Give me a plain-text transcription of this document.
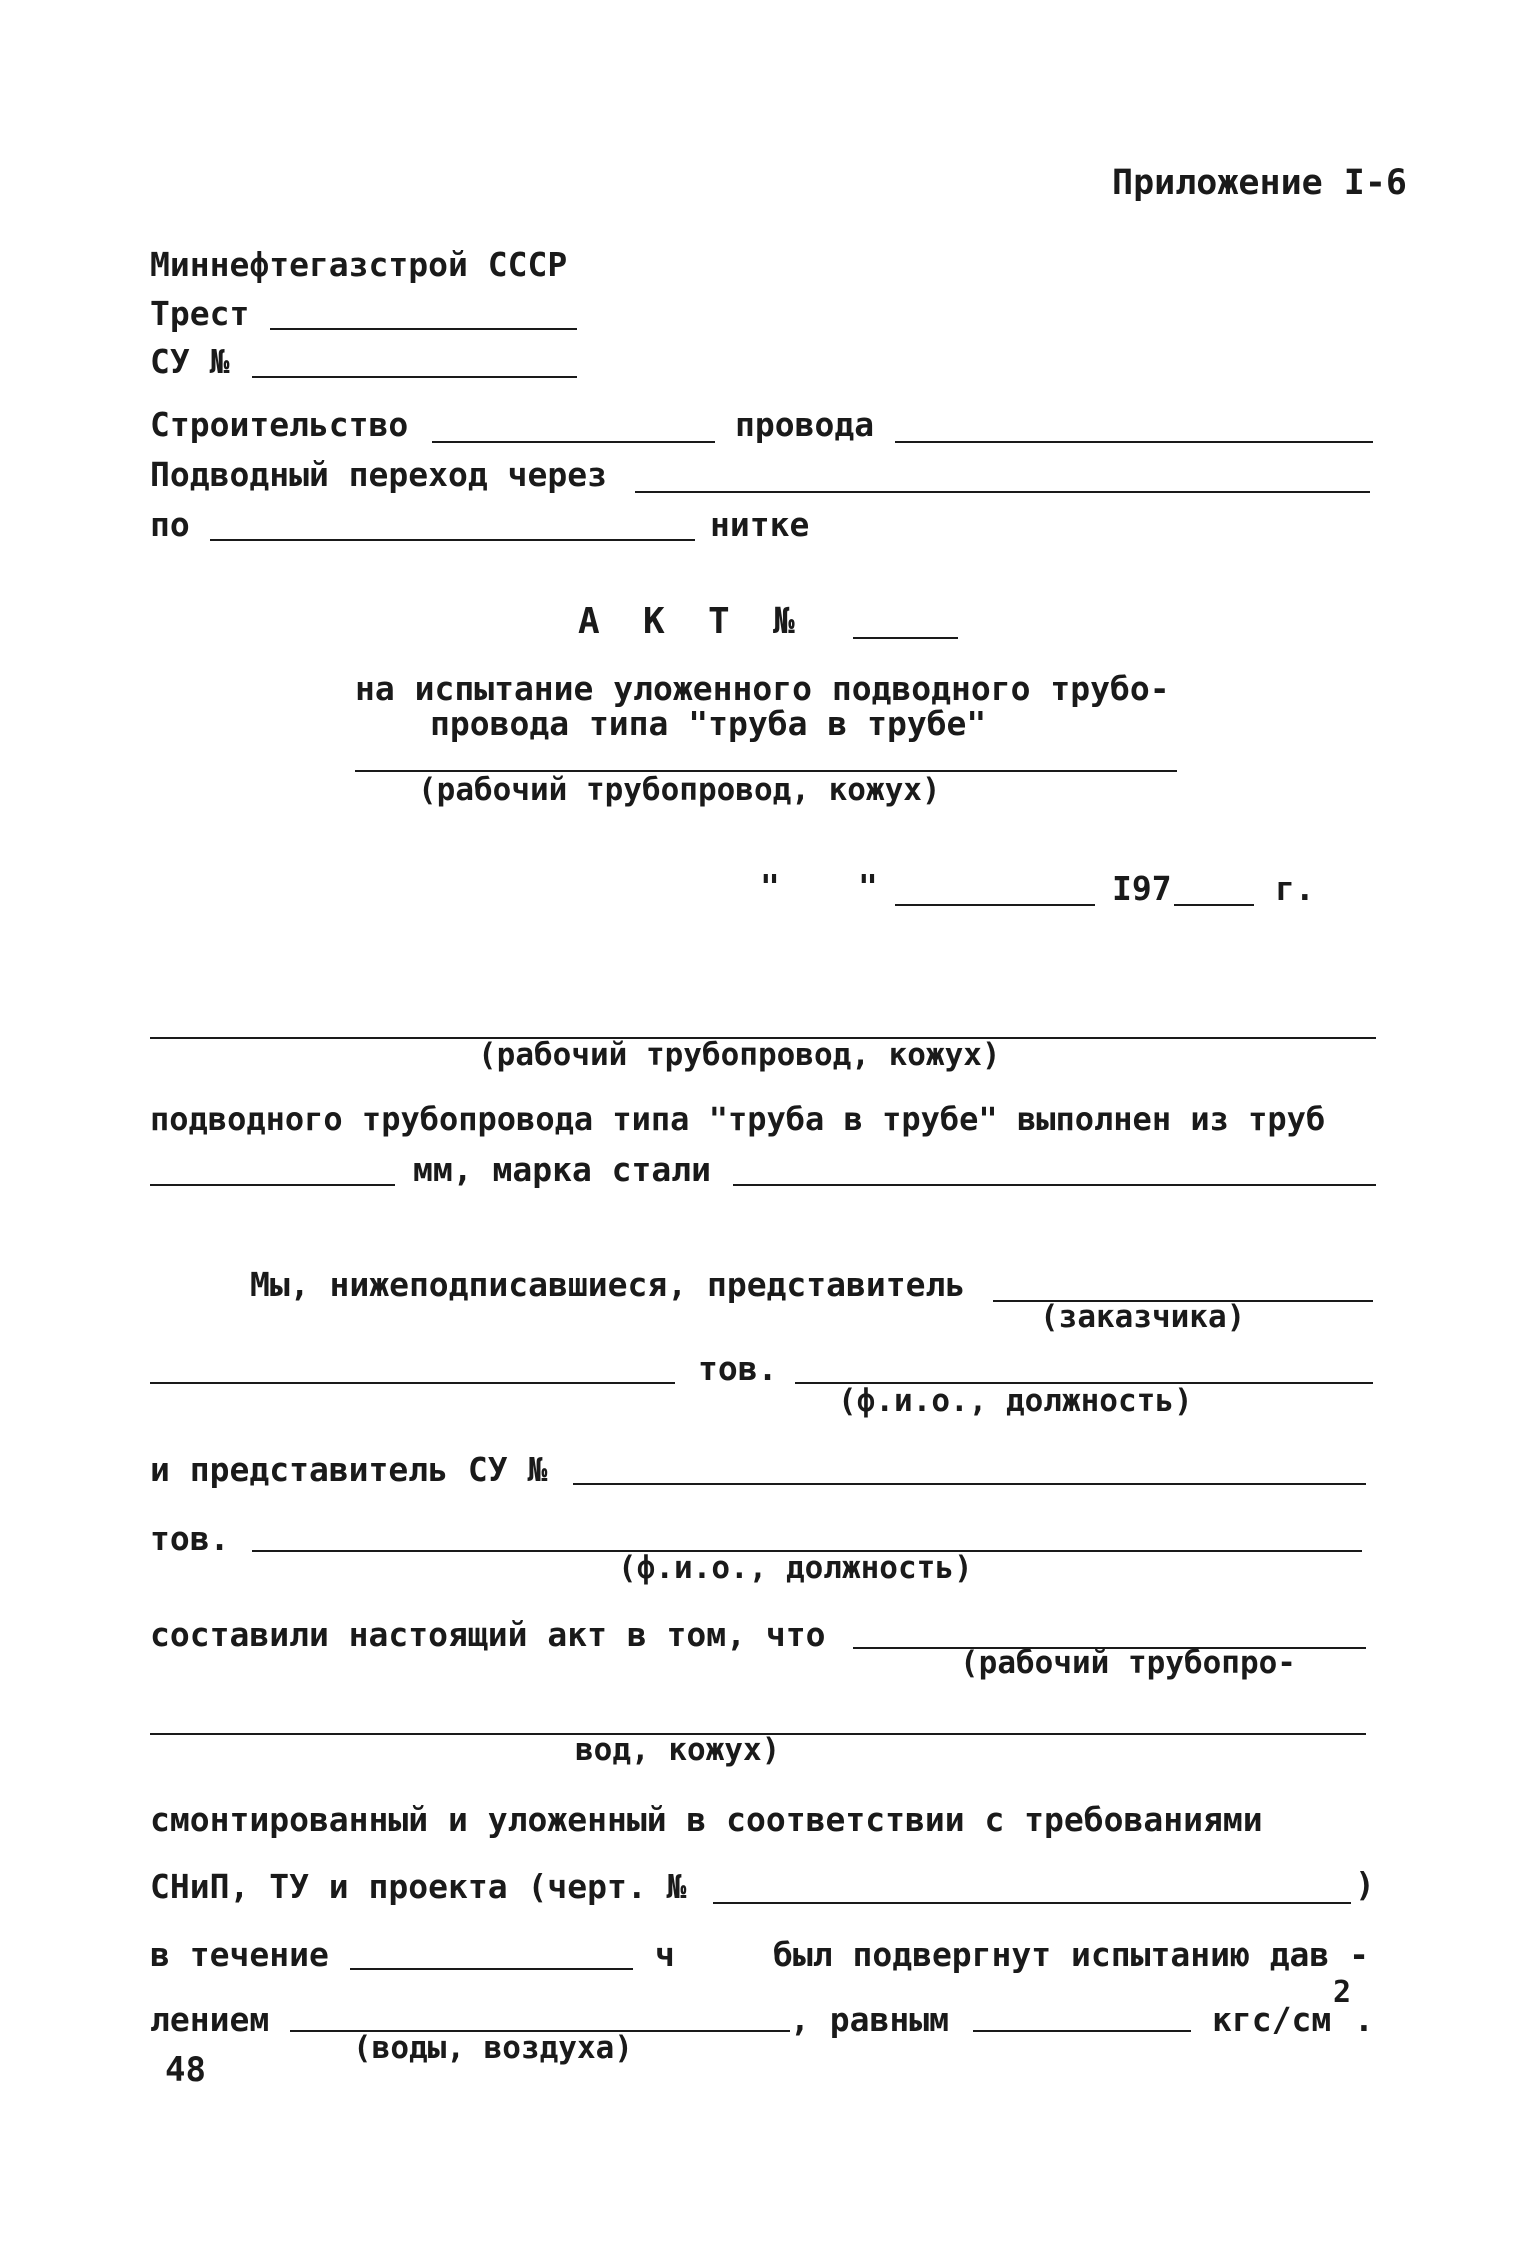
Приложение I-6
Миннефтегазстрой СССР
Трест
СУ №
Строительство	провода
Подводный переход через
по	нитке
А  К  Т  №
на испытание уложенного подводного трубо-
провода типа "труба в трубе"
(рабочий трубопровод, кожух)
" "	I97	г.
(рабочий трубопровод, кожух)
подводного трубопровода типа "труба в трубе" выполнен из труб
мм, марка стали
Мы, нижеподписавшиеся, представитель
(заказчика)
тов.
(ф.и.о., должность)
и представитель СУ №
тов.
(ф.и.о., должность)
составили настоящий акт в том, что
(рабочий трубопро-
вод, кожух)
смонтированный и уложенный в соответствии с требованиями
СНиП, ТУ и проекта (черт. №	)
в течение	ч	был подвергнут испытанию дав -
лением
(воды, воздуха)
, равным	кгс/см
2
.
48
